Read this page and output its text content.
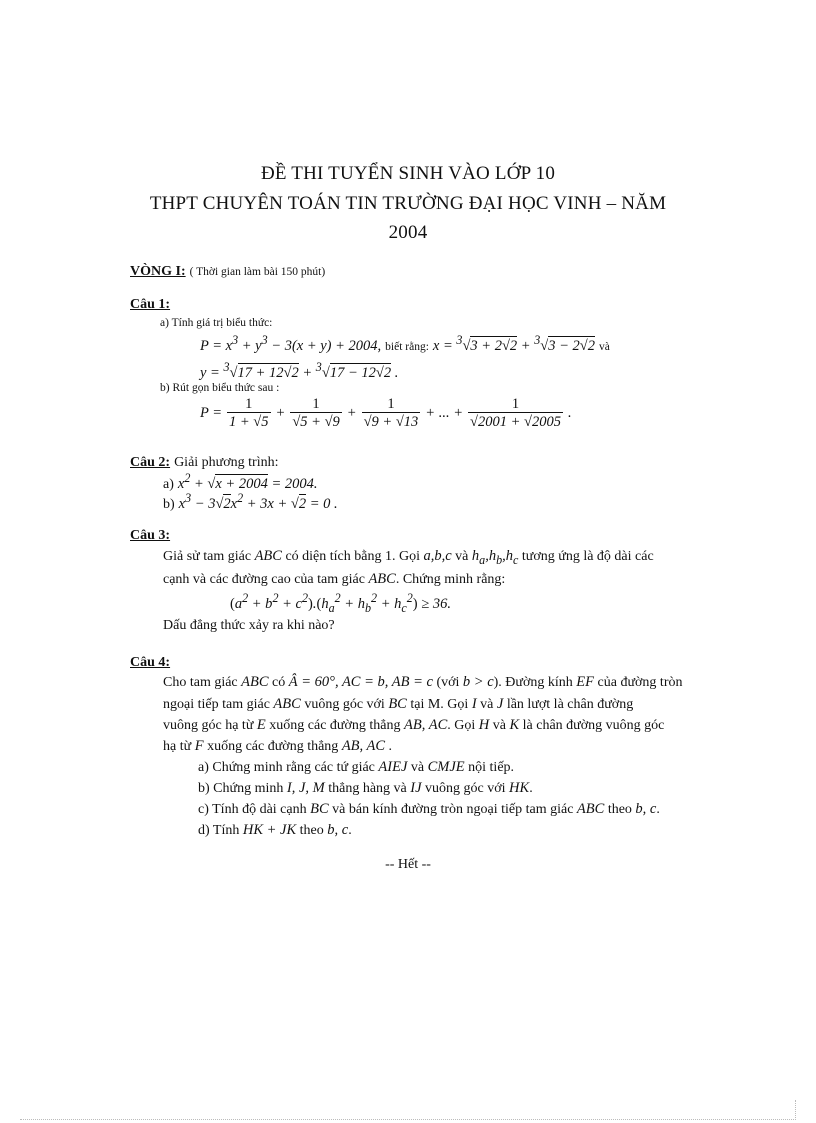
ĐỀ THI TUYỂN SINH VÀO LỚP 10
THPT CHUYÊN TOÁN TIN TRƯỜNG ĐẠI HỌC VINH – NĂM
2004
VÒNG I: ( Thời gian làm bài 150 phút)
Câu 1:
a) Tính giá trị biểu thức:
$P = x^3 + y^3 - 3(x + y) + 2004$, biết rằng: x = $^3$√3 + 2√2 + $^3$√3 − 2√2 và
y = $^3$√17 + 12√2 + $^3$√17 − 12√2 .
b) Rút gọn biểu thức sau :
$P = \frac{1}{1 + √5} + \frac{1}{√5 + √9} + \frac{1}{√9 + √13}$ + ... + $\frac{1}{√2001 + √2005}$ .
Câu 2: Giải phương trình:
a) $x^2 + √x + 2004 = 2004$.
b) $x^3 - 3√2x^2 + 3x + √2 = 0$ .
Câu 3:
Giả sử tam giác ABC có diện tích bằng 1. Gọi a,b,c và $h_a,h_b,h_c$ tương ứng là độ dài các
cạnh và các đường cao của tam giác ABC. Chứng minh rằng:
$(a^2 + b^2 + c^2).(h_a^2 + h_b^2 + h_c^2) \ge 36$.
Dấu đẳng thức xảy ra khi nào?
Câu 4:
Cho tam giác ABC có Â = 60°, AC = b, AB = c (với b > c). Đường kính EF của đường tròn
ngoại tiếp tam giác ABC vuông góc với BC tại M. Gọi I và J lần lượt là chân đường
vuông góc hạ từ E xuống các đường thẳng AB, AC. Gọi H và K là chân đường vuông góc
hạ từ F xuống các đường thẳng AB, AC .
a) Chứng minh rằng các tứ giác AIEJ và CMJE nội tiếp.
b) Chứng minh I, J, M thẳng hàng và IJ vuông góc với HK.
c) Tính độ dài cạnh BC và bán kính đường tròn ngoại tiếp tam giác ABC theo b, c.
d) Tính HK + JK theo b, c.
-- Hết --
